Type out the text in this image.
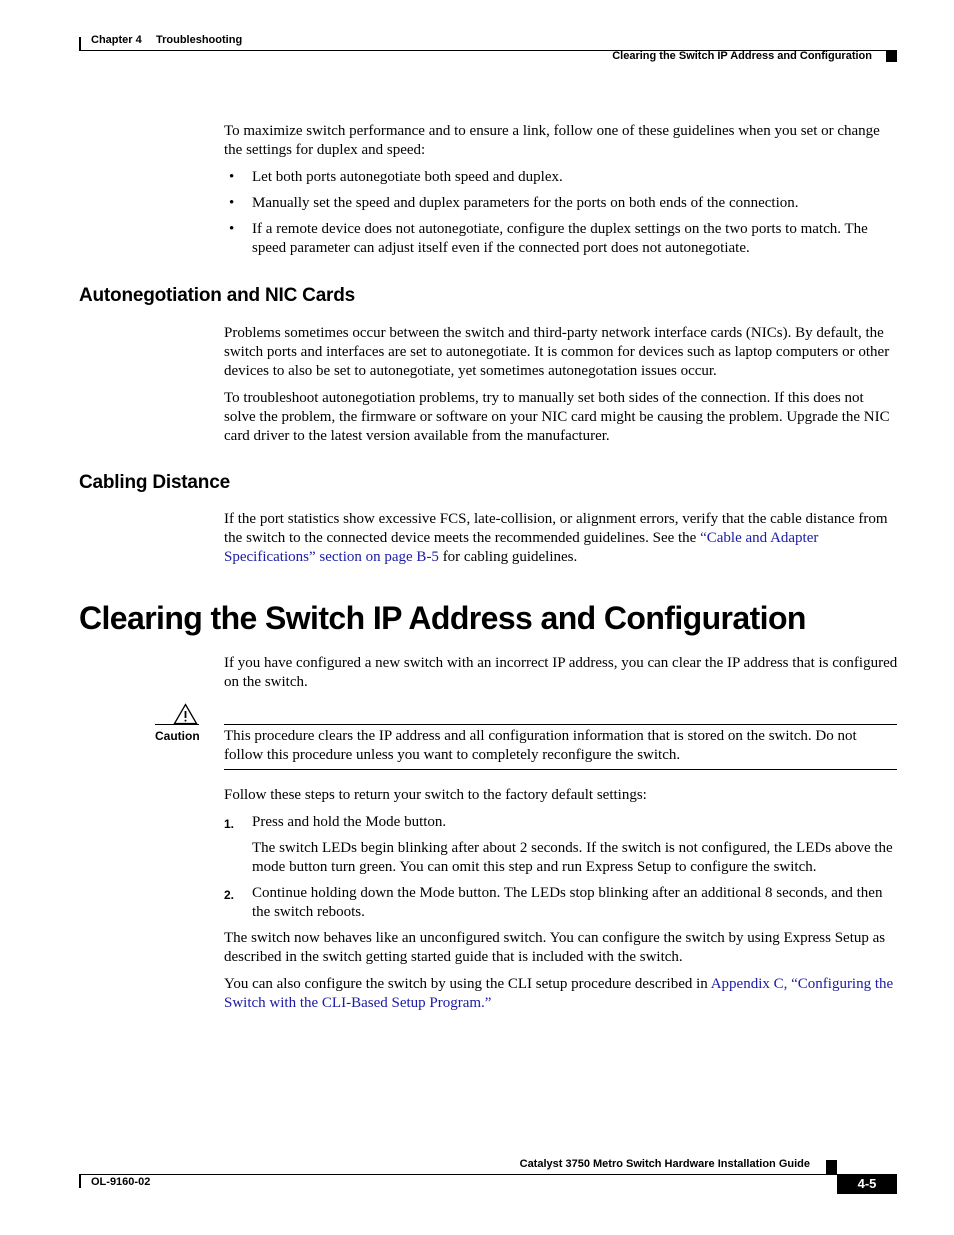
Chapter 4 Troubleshooting
Clearing the Switch IP Address and Configuration

To maximize switch performance and to ensure a link, follow one of these guidelines when you set or change the settings for duplex and speed:

• Let both ports autonegotiate both speed and duplex.
• Manually set the speed and duplex parameters for the ports on both ends of the connection.
• If a remote device does not autonegotiate, configure the duplex settings on the two ports to match. The speed parameter can adjust itself even if the connected port does not autonegotiate.
Autonegotiation and NIC Cards

Problems sometimes occur between the switch and third-party network interface cards (NICs). By default, the switch ports and interfaces are set to autonegotiate. It is common for devices such as laptop computers or other devices to also be set to autonegotiate, yet sometimes autonegotation issues occur.

To troubleshoot autonegotiation problems, try to manually set both sides of the connection. If this does not solve the problem, the firmware or software on your NIC card might be causing the problem. Upgrade the NIC card driver to the latest version available from the manufacturer.

Cabling Distance

If the port statistics show excessive FCS, late-collision, or alignment errors, verify that the cable distance from the switch to the connected device meets the recommended guidelines. See the “Cable and Adapter Specifications” section on page B-5 for cabling guidelines.

Clearing the Switch IP Address and Configuration
If you have configured a new switch with an incorrect IP address, you can clear the IP address that is configured on the switch.
Caution This procedure clears the IP address and all configuration information that is stored on the switch. Do not follow this procedure unless you want to completely reconfigure the switch.
Follow these steps to return your switch to the factory default settings:
1. Press and hold the Mode button.

The switch LEDs begin blinking after about 2 seconds. If the switch is not configured, the LEDs above the mode button turn green. You can omit this step and run Express Setup to configure the switch.

2. Continue holding down the Mode button. The LEDs stop blinking after an additional 8 seconds, and then the switch reboots.

The switch now behaves like an unconfigured switch. You can configure the switch by using Express Setup as described in the switch getting started guide that is included with the switch.

You can also configure the switch by using the CLI setup procedure described in Appendix C, “Configuring the Switch with the CLI-Based Setup Program.”

Catalyst 3750 Metro Switch Hardware Installation Guide
OL-9160-02	4-5
